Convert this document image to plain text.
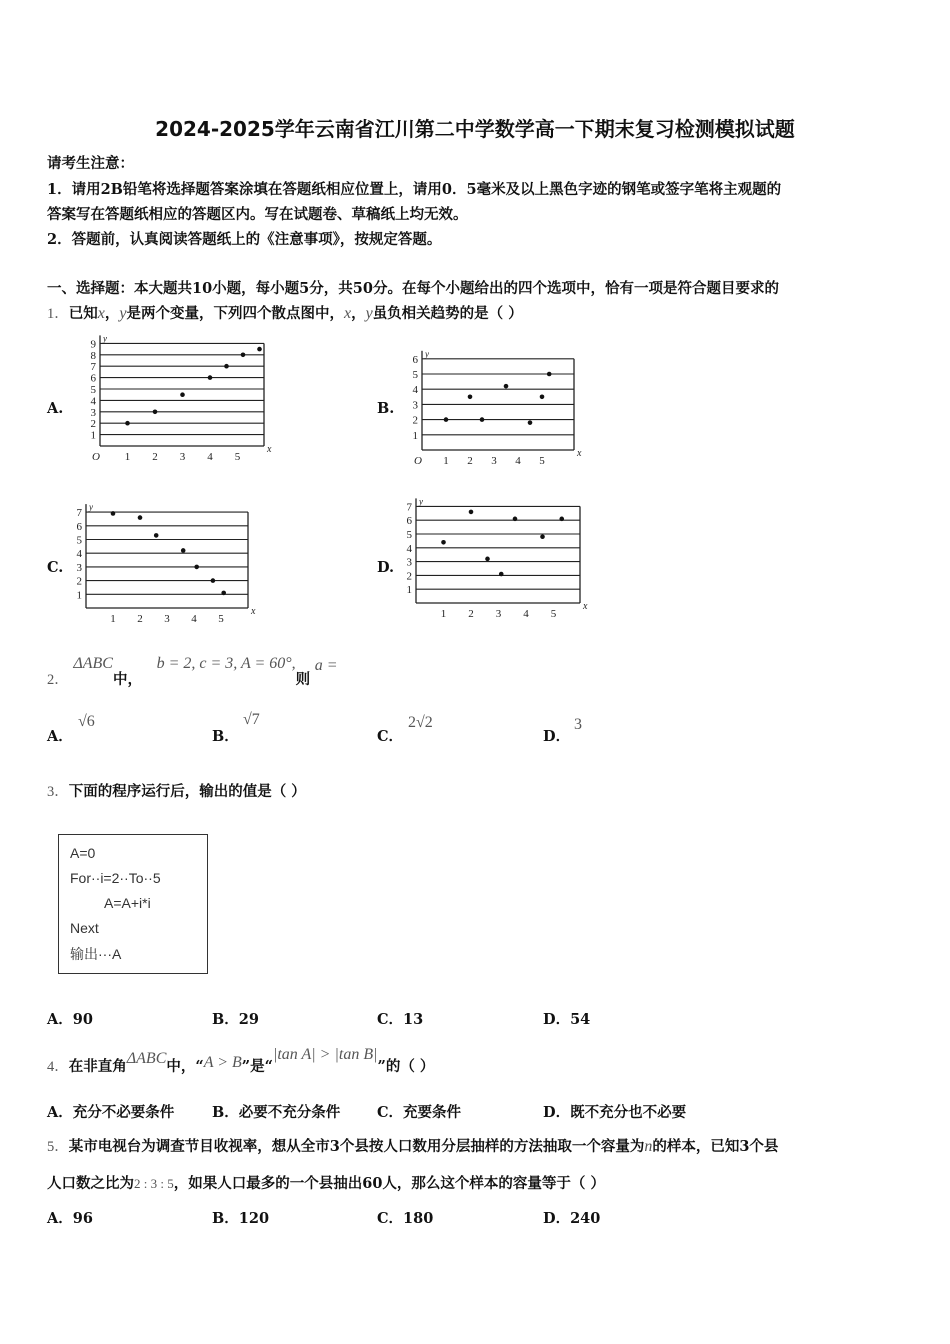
2024-2025学年云南省江川第二中学数学高一下期末复习检测模拟试题
请考生注意：
1．请用2B铅笔将选择题答案涂填在答题纸相应位置上，请用0．5毫米及以上黑色字迹的钢笔或签字笔将主观题的
答案写在答题纸相应的答题区内。写在试题卷、草稿纸上均无效。
2．答题前，认真阅读答题纸上的《注意事项》，按规定答题。
一、选择题：本大题共10小题，每小题5分，共50分。在每个小题给出的四个选项中，恰有一项是符合题目要求的
1．已知x，y是两个变量，下列四个散点图中，x，y虽负相关趋势的是（ ）
A.	B.
C.	D.
1
2
3
4
5
6
7
8
9
1 2 3 4 5
O
x
y
1
2
3
4
5
6
1 2 3 4 5
O
x
y
1
2
3
4
5
6
7
1 2 3 4 5
x
y
1
2
3
4
5
6
7
1 2 3 4 5
x
y
2． ΔABC中， b = 2, c = 3, A = 60°,则 a =
A．
√6
B．
√7
C．
2√2
D．
3
3．下面的程序运行后，输出的值是（ ）
A=0
For··i=2··To··5
A=A+i*i
Next
输出···A
A．90	B．29	C．13	D．54
4．在非直角ΔABC中，“A > B”是“|tan A| > |tan B|”的（ ）
A．充分不必要条件	B．必要不充分条件	C．充要条件	D．既不充分也不必要
5．某市电视台为调查节目收视率，想从全市3个县按人口数用分层抽样的方法抽取一个容量为n的样本，已知3个县
人口数之比为2 : 3 : 5，如果人口最多的一个县抽出60人，那么这个样本的容量等于（ ）
A．96	B．120	C．180	D．240
